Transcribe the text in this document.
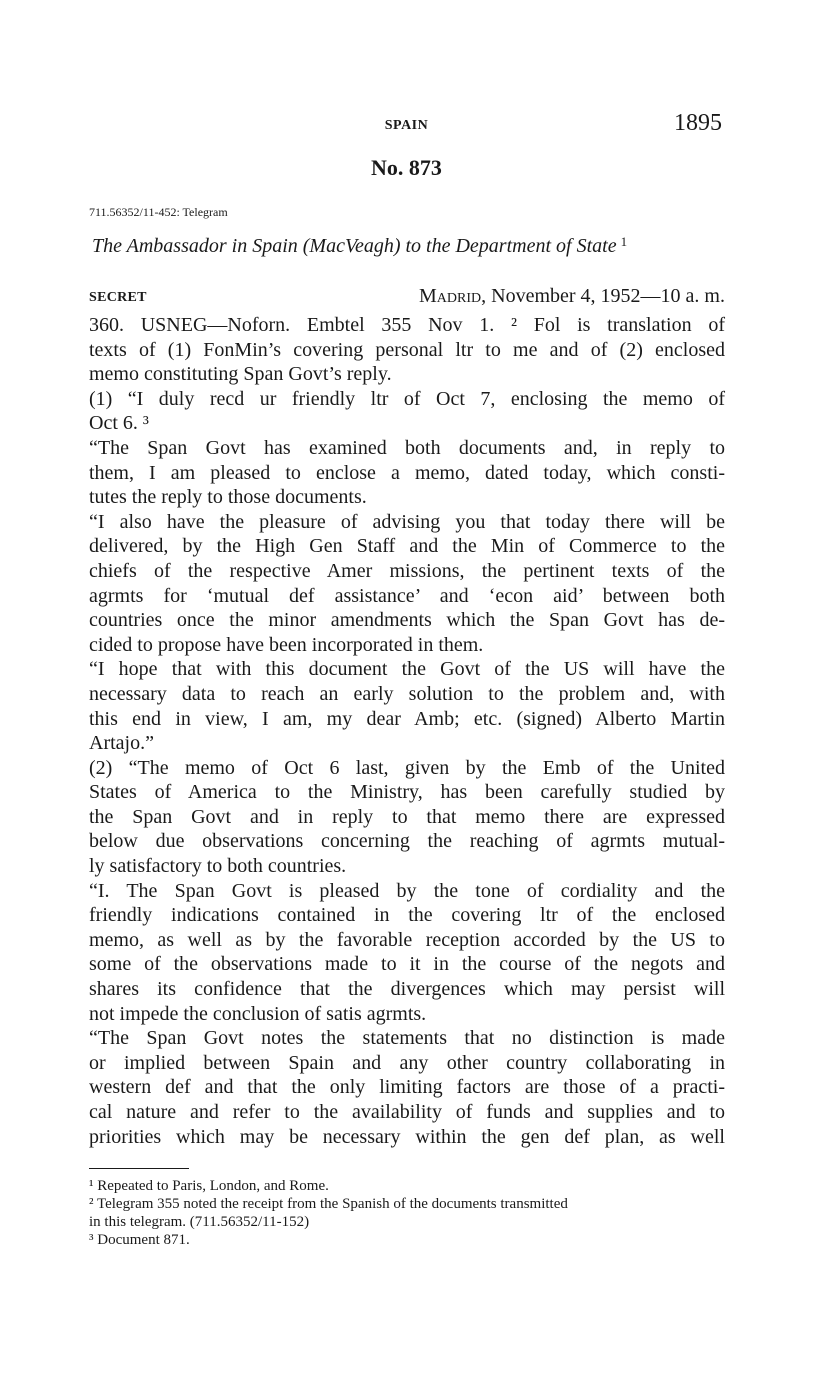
SPAIN	1895
No. 873
711.56352/11-452: Telegram
The Ambassador in Spain (MacVeagh) to the Department of State $^1$
SECRET	Madrid, November 4, 1952—10 a. m.
360. USNEG—Noforn. Embtel 355 Nov 1. ² Fol is translation of
texts of (1) FonMin’s covering personal ltr to me and of (2) enclosed
memo constituting Span Govt’s reply.
(1) “I duly recd ur friendly ltr of Oct 7, enclosing the memo of
Oct 6. ³
“The Span Govt has examined both documents and, in reply to
them, I am pleased to enclose a memo, dated today, which consti-
tutes the reply to those documents.
“I also have the pleasure of advising you that today there will be
delivered, by the High Gen Staff and the Min of Commerce to the
chiefs of the respective Amer missions, the pertinent texts of the
agrmts for ‘mutual def assistance’ and ‘econ aid’ between both
countries once the minor amendments which the Span Govt has de-
cided to propose have been incorporated in them.
“I hope that with this document the Govt of the US will have the
necessary data to reach an early solution to the problem and, with
this end in view, I am, my dear Amb; etc. (signed) Alberto Martin
Artajo.”
(2) “The memo of Oct 6 last, given by the Emb of the United
States of America to the Ministry, has been carefully studied by
the Span Govt and in reply to that memo there are expressed
below due observations concerning the reaching of agrmts mutual-
ly satisfactory to both countries.
“I. The Span Govt is pleased by the tone of cordiality and the
friendly indications contained in the covering ltr of the enclosed
memo, as well as by the favorable reception accorded by the US to
some of the observations made to it in the course of the negots and
shares its confidence that the divergences which may persist will
not impede the conclusion of satis agrmts.
“The Span Govt notes the statements that no distinction is made
or implied between Spain and any other country collaborating in
western def and that the only limiting factors are those of a practi-
cal nature and refer to the availability of funds and supplies and to
priorities which may be necessary within the gen def plan, as well
¹ Repeated to Paris, London, and Rome.
² Telegram 355 noted the receipt from the Spanish of the documents transmitted
in this telegram. (711.56352/11-152)
³ Document 871.
